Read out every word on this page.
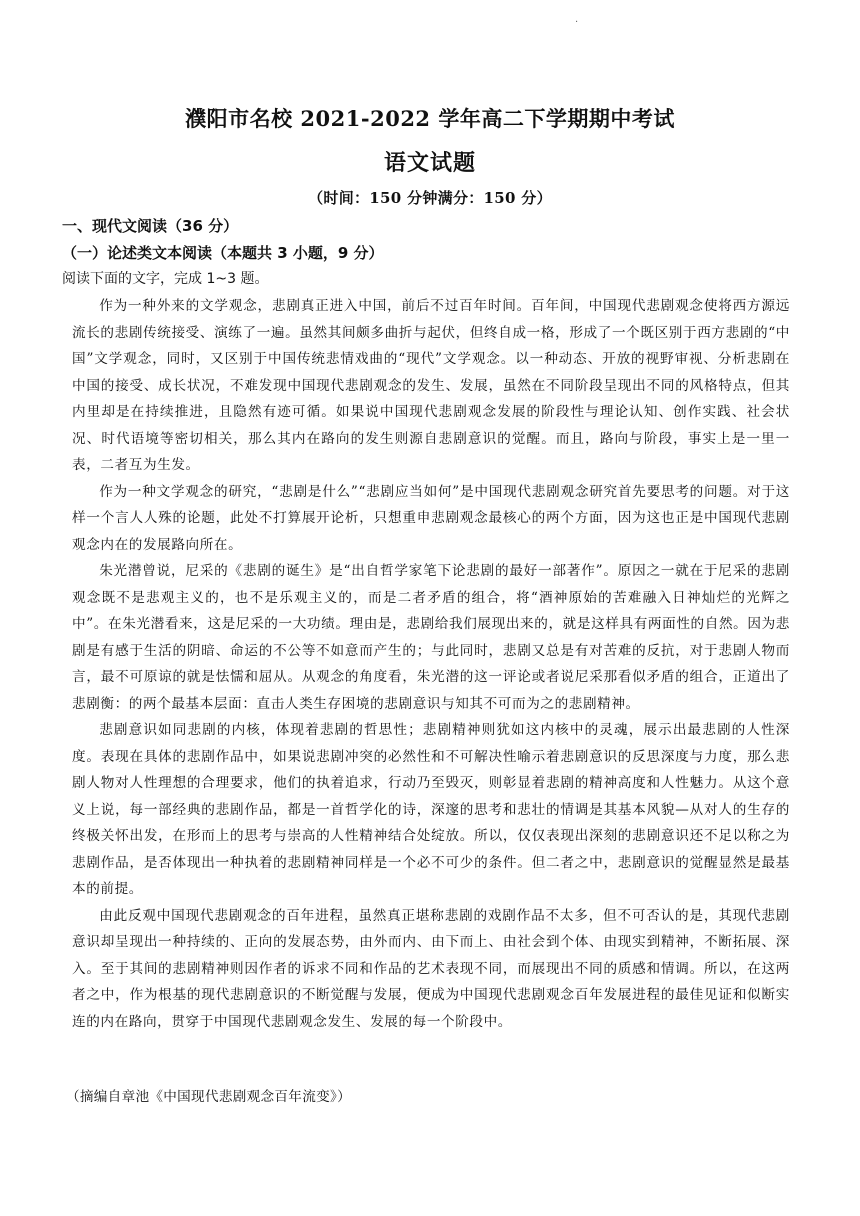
.
濮阳市名校 2021-2022 学年高二下学期期中考试
语文试题
（时间：150 分钟满分：150 分）
一、现代文阅读（36 分）
（一）论述类文本阅读（本题共 3 小题，9 分）
阅读下面的文字，完成 1~3 题。

作为一种外来的文学观念，悲剧真正进入中国，前后不过百年时间。百年间，中国现代悲剧观念使将西方源远流长的悲剧传统接受、演练了一遍。虽然其间颇多曲折与起伏，但终自成一格，形成了一个既区别于西方悲剧的“中国”文学观念，同时，又区别于中国传统悲情戏曲的“现代”文学观念。以一种动态、开放的视野审视、分析悲剧在中国的接受、成长状况，不难发现中国现代悲剧观念的发生、发展，虽然在不同阶段呈现出不同的风格特点，但其内里却是在持续推进，且隐然有迹可循。如果说中国现代悲剧观念发展的阶段性与理论认知、创作实践、社会状况、时代语境等密切相关，那么其内在路向的发生则源自悲剧意识的觉醒。而且，路向与阶段，事实上是一里一表，二者互为生发。

作为一种文学观念的研究，“悲剧是什么”“悲剧应当如何”是中国现代悲剧观念研究首先要思考的问题。对于这样一个言人人殊的论题，此处不打算展开论析，只想重申悲剧观念最核心的两个方面，因为这也正是中国现代悲剧观念内在的发展路向所在。

朱光潜曾说，尼采的《悲剧的诞生》是“出自哲学家笔下论悲剧的最好一部著作”。原因之一就在于尼采的悲剧观念既不是悲观主义的，也不是乐观主义的，而是二者矛盾的组合，将“酒神原始的苦难融入日神灿烂的光辉之中”。在朱光潜看来，这是尼采的一大功绩。理由是，悲剧给我们展现出来的，就是这样具有两面性的自然。因为悲剧是有感于生活的阴暗、命运的不公等不如意而产生的；与此同时，悲剧又总是有对苦难的反抗，对于悲剧人物而言，最不可原谅的就是怯懦和屈从。从观念的角度看，朱光潜的这一评论或者说尼采那看似矛盾的组合，正道出了悲剧衡：的两个最基本层面：直击人类生存困境的悲剧意识与知其不可而为之的悲剧精神。

悲剧意识如同悲剧的内核，体现着悲剧的哲思性；悲剧精神则犹如这内核中的灵魂，展示出最悲剧的人性深度。表现在具体的悲剧作品中，如果说悲剧冲突的必然性和不可解决性喻示着悲剧意识的反思深度与力度，那么悲剧人物对人性理想的合理要求，他们的执着追求，行动乃至毁灭，则彰显着悲剧的精神高度和人性魅力。从这个意义上说，每一部经典的悲剧作品，都是一首哲学化的诗，深邃的思考和悲壮的情调是其基本风貌—从对人的生存的终极关怀出发，在形而上的思考与崇高的人性精神结合处绽放。所以，仅仅表现出深刻的悲剧意识还不足以称之为悲剧作品，是否体现出一种执着的悲剧精神同样是一个必不可少的条件。但二者之中，悲剧意识的觉醒显然是最基本的前提。

由此反观中国现代悲剧观念的百年进程，虽然真正堪称悲剧的戏剧作品不太多，但不可否认的是，其现代悲剧意识却呈现出一种持续的、正向的发展态势，由外而内、由下而上、由社会到个体、由现实到精神，不断拓展、深入。至于其间的悲剧精神则因作者的诉求不同和作品的艺术表现不同，而展现出不同的质感和情调。所以，在这两者之中，作为根基的现代悲剧意识的不断觉醒与发展，便成为中国现代悲剧观念百年发展进程的最佳见证和似断实连的内在路向，贯穿于中国现代悲剧观念发生、发展的每一个阶段中。

（摘编自章池《中国现代悲剧观念百年流变》）
